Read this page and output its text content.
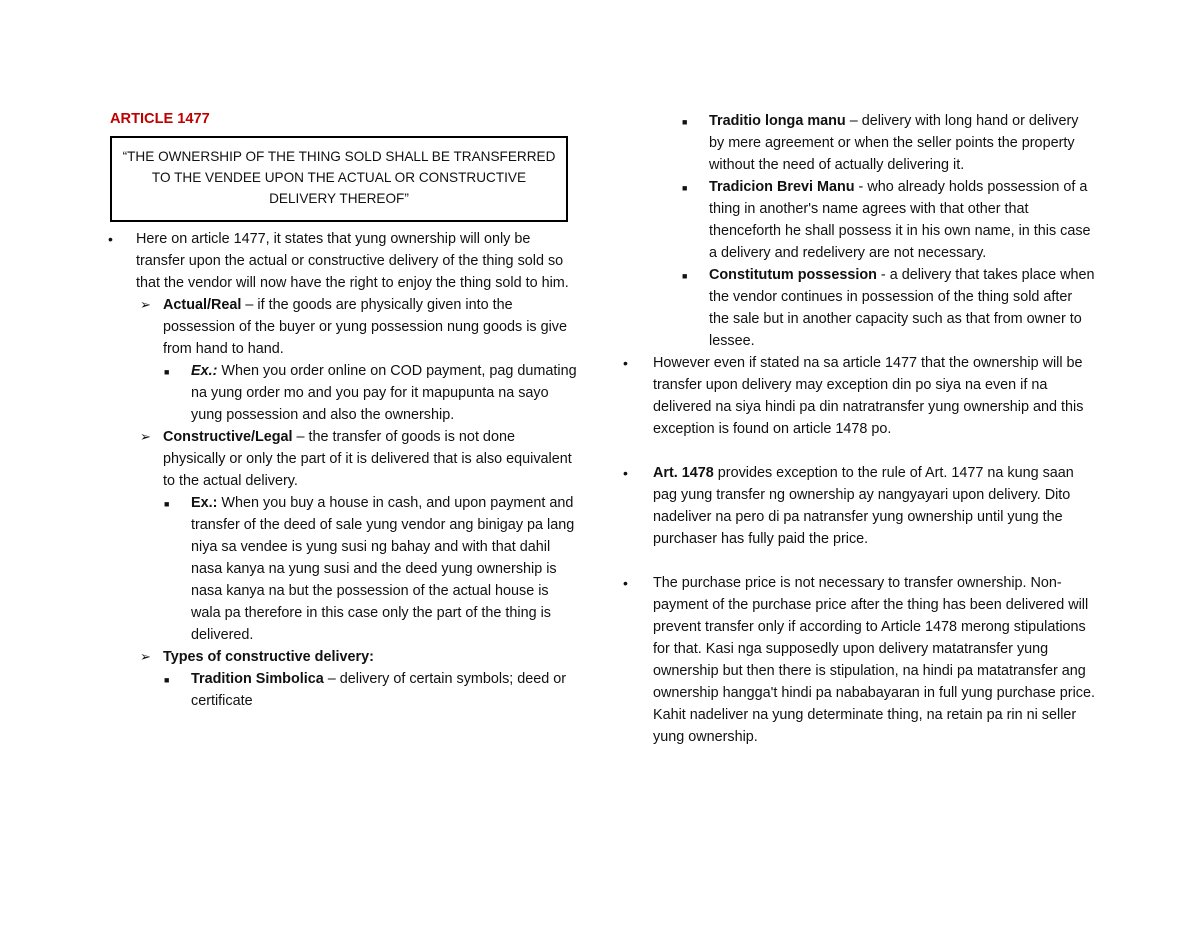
ARTICLE 1477
“THE OWNERSHIP OF THE THING SOLD SHALL BE TRANSFERRED TO THE VENDEE UPON THE ACTUAL OR CONSTRUCTIVE DELIVERY THEREOF”
• Here on article 1477, it states that yung ownership will only be transfer upon the actual or constructive delivery of the thing sold so that the vendor will now have the right to enjoy the thing sold to him.
➢ Actual/Real – if the goods are physically given into the possession of the buyer or yung possession nung goods is give from hand to hand.
■ Ex.: When you order online on COD payment, pag dumating na yung order mo and you pay for it mapupunta na sayo yung possession and also the ownership.
➢ Constructive/Legal – the transfer of goods is not done physically or only the part of it is delivered that is also equivalent to the actual delivery.
■ Ex.: When you buy a house in cash, and upon payment and transfer of the deed of sale yung vendor ang binigay pa lang niya sa vendee is yung susi ng bahay and with that dahil nasa kanya na yung susi and the deed yung ownership is nasa kanya na but the possession of the actual house is wala pa therefore in this case only the part of the thing is delivered.
➢ Types of constructive delivery:
■ Tradition Simbolica – delivery of certain symbols; deed or certificate
■ Traditio longa manu – delivery with long hand or delivery by mere agreement or when the seller points the property without the need of actually delivering it.
■ Tradicion Brevi Manu - who already holds possession of a thing in another's name agrees with that other that thenceforth he shall possess it in his own name, in this case a delivery and redelivery are not necessary.
■ Constitutum possession - a delivery that takes place when the vendor continues in possession of the thing sold after the sale but in another capacity such as that from owner to lessee.
• However even if stated na sa article 1477 that the ownership will be transfer upon delivery may exception din po siya na even if na delivered na siya hindi pa din natratransfer yung ownership and this exception is found on article 1478 po.
• Art. 1478 provides exception to the rule of Art. 1477 na kung saan pag yung transfer ng ownership ay nangyayari upon delivery. Dito nadeliver na pero di pa natransfer yung ownership until yung the purchaser has fully paid the price.
• The purchase price is not necessary to transfer ownership. Non-payment of the purchase price after the thing has been delivered will prevent transfer only if according to Article 1478 merong stipulations for that. Kasi nga supposedly upon delivery matatransfer yung ownership but then there is stipulation, na hindi pa matatransfer ang ownership hangga't hindi pa nababayaran in full yung purchase price. Kahit nadeliver na yung determinate thing, na retain pa rin ni seller yung ownership.
